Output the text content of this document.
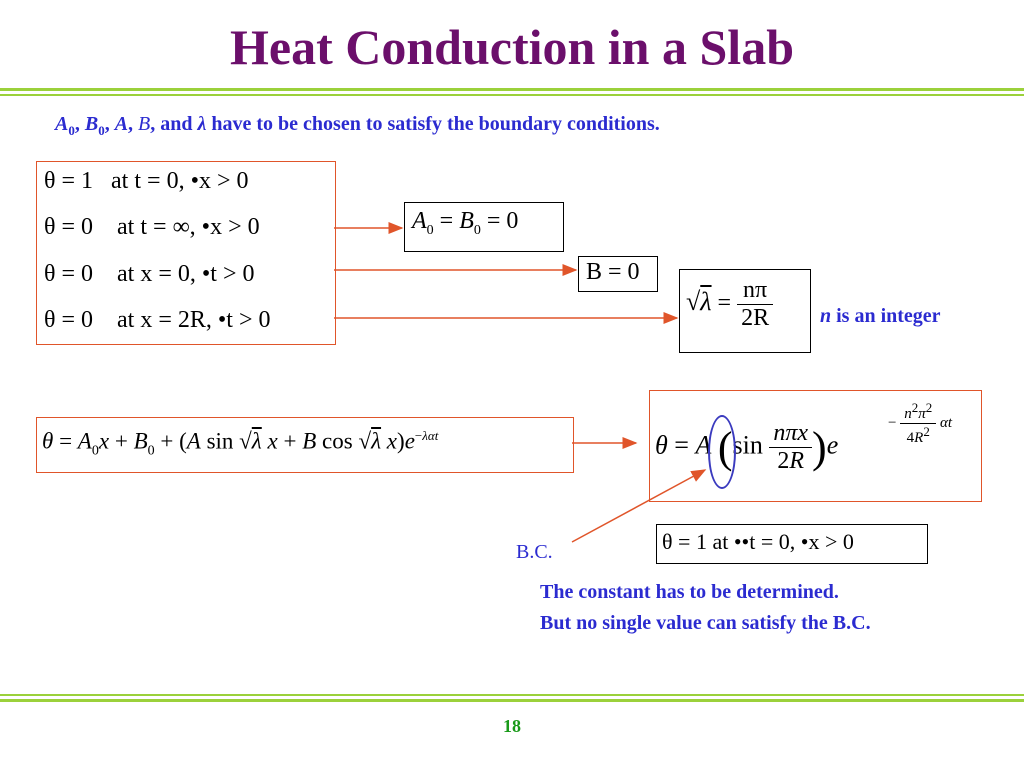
Heat Conduction in a Slab
$A_0$, $B_0$, A, B, and λ have to be chosen to satisfy the boundary conditions.
θ = 1 at t = 0, •x > 0
θ = 0 at t = ∞, •x > 0
θ = 0 at x = 0, •t > 0
θ = 0 at x = 2R, •t > 0
$A_0 = B_0 = 0$
B = 0
$√\lambda = \frac{n\pi}{2R}$ n is an integer
$\theta = A_0x + B_0 + (A$ sin √λ x + B cos √λ $x)e^{-\lambda\alpha t}$	θ = A $(\sin \frac{\text{nπx}}{2R} )e$
− $\frac{n^2\pi^2}{4R^2}$ αt
θ = 1 at ••t = 0, •x > 0
B.C.
The constant has to be determined.
But no single value can satisfy the B.C.
18
